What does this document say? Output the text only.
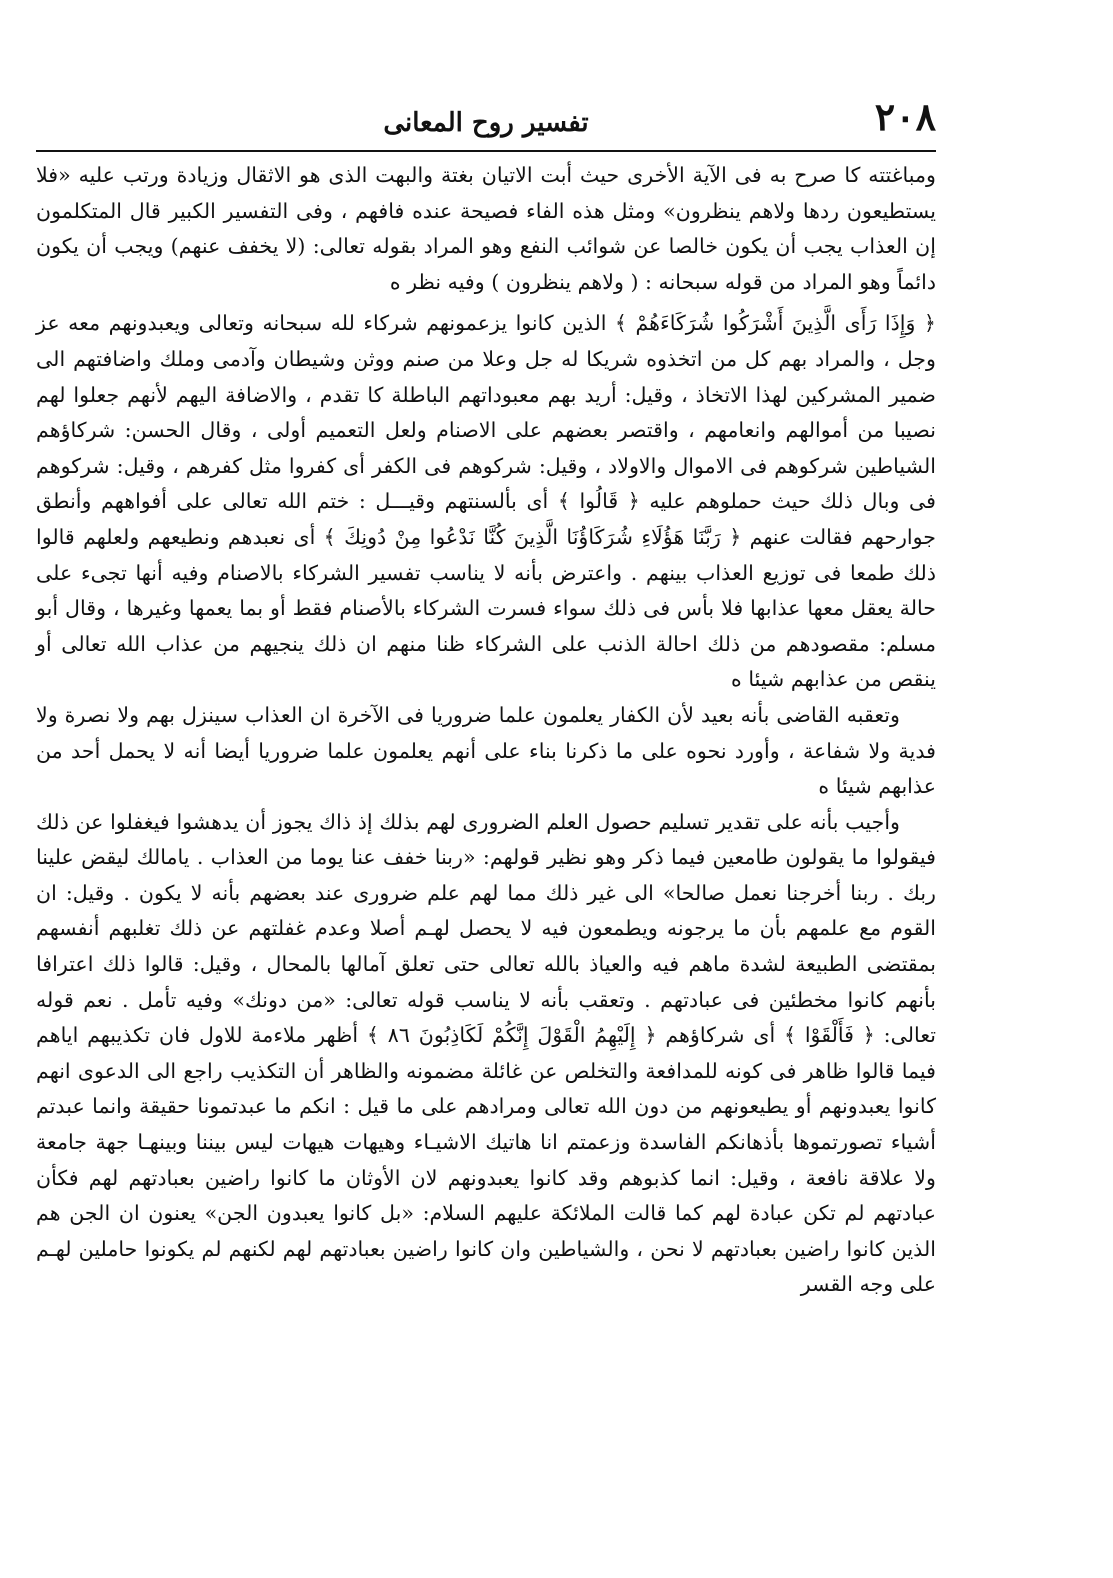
٢٠٨
تفسير روح المعانى

ومباغتته كا صرح به فى الآية الأخرى حيث أبت الاتيان بغتة والبهت الذى هو الاثقال وزيادة ورتب عليه «فلا يستطيعون ردها ولاهم ينظرون» ومثل هذه الفاء فصيحة عنده فافهم ، وفى التفسير الكبير قال المتكلمون إن العذاب يجب أن يكون خالصا عن شوائب النفع وهو المراد بقوله تعالى: (لا يخفف عنهم) ويجب أن يكون دائماً وهو المراد من قوله سبحانه : ( ولاهم ينظرون ) وفيه نظر ه

﴿ وَإِذَا رَأَى الَّذِينَ أَشْرَكُوا شُرَكَاءَهُمْ ﴾ الذين كانوا يزعمونهم شركاء لله سبحانه وتعالى ويعبدونهم معه عز وجل ، والمراد بهم كل من اتخذوه شريكا له جل وعلا من صنم ووثن وشيطان وآدمى وملك واضافتهم الى ضمير المشركين لهذا الاتخاذ ، وقيل: أريد بهم معبوداتهم الباطلة كا تقدم ، والاضافة اليهم لأنهم جعلوا لهم نصيبا من أموالهم وانعامهم ، واقتصر بعضهم على الاصنام ولعل التعميم أولى ، وقال الحسن: شركاؤهم الشياطين شركوهم فى الاموال والاولاد ، وقيل: شركوهم فى الكفر أى كفروا مثل كفرهم ، وقيل: شركوهم فى وبال ذلك حيث حملوهم عليه ﴿ قَالُوا ﴾ أى بألسنتهم وقيـــل : ختم الله تعالى على أفواههم وأنطق جوارحهم فقالت عنهم ﴿ رَبَّنَا هَؤُلَاءِ شُرَكَاؤُنَا الَّذِينَ كُنَّا نَدْعُوا مِنْ دُونِكَ ﴾ أى نعبدهم ونطيعهم ولعلهم قالوا ذلك طمعا فى توزيع العذاب بينهم . واعترض بأنه لا يناسب تفسير الشركاء بالاصنام وفيه أنها تجىء على حالة يعقل معها عذابها فلا بأس فى ذلك سواء فسرت الشركاء بالأصنام فقط أو بما يعمها وغيرها ، وقال أبو مسلم: مقصودهم من ذلك احالة الذنب على الشركاء ظنا منهم ان ذلك ينجيهم من عذاب الله تعالى أو ينقص من عذابهم شيئا ه

وتعقبه القاضى بأنه بعيد لأن الكفار يعلمون علما ضروريا فى الآخرة ان العذاب سينزل بهم ولا نصرة ولا فدية ولا شفاعة ، وأورد نحوه على ما ذكرنا بناء على أنهم يعلمون علما ضروريا أيضا أنه لا يحمل أحد من عذابهم شيئا ه

وأجيب بأنه على تقدير تسليم حصول العلم الضرورى لهم بذلك إذ ذاك يجوز أن يدهشوا فيغفلوا عن ذلك فيقولوا ما يقولون طامعين فيما ذكر وهو نظير قولهم: «ربنا خفف عنا يوما من العذاب . يامالك ليقض علينا ربك . ربنا أخرجنا نعمل صالحا» الى غير ذلك مما لهم علم ضرورى عند بعضهم بأنه لا يكون . وقيل: ان القوم مع علمهم بأن ما يرجونه ويطمعون فيه لا يحصل لهـم أصلا وعدم غفلتهم عن ذلك تغلبهم أنفسهم بمقتضى الطبيعة لشدة ماهم فيه والعياذ بالله تعالى حتى تعلق آمالها بالمحال ، وقيل: قالوا ذلك اعترافا بأنهم كانوا مخطئين فى عبادتهم . وتعقب بأنه لا يناسب قوله تعالى: «من دونك» وفيه تأمل . نعم قوله تعالى: ﴿ فَأَلْقَوْا ﴾ أى شركاؤهم ﴿ إِلَيْهِمُ الْقَوْلَ إِنَّكُمْ لَكَاذِبُونَ ٨٦ ﴾ أظهر ملاءمة للاول فان تكذيبهم اياهم فيما قالوا ظاهر فى كونه للمدافعة والتخلص عن غائلة مضمونه والظاهر أن التكذيب راجع الى الدعوى انهم كانوا يعبدونهم أو يطيعونهم من دون الله تعالى ومرادهم على ما قيل : انكم ما عبدتمونا حقيقة وانما عبدتم أشياء تصورتموها بأذهانكم الفاسدة وزعمتم انا هاتيك الاشيـاء وهيهات هيهات ليس بيننا وبينهـا جهة جامعة ولا علاقة نافعة ، وقيل: انما كذبوهم وقد كانوا يعبدونهم لان الأوثان ما كانوا راضين بعبادتهم لهم فكأن عبادتهم لم تكن عبادة لهم كما قالت الملائكة عليهم السلام: «بل كانوا يعبدون الجن» يعنون ان الجن هم الذين كانوا راضين بعبادتهم لا نحن ، والشياطين وان كانوا راضين بعبادتهم لهم لكنهم لم يكونوا حاملين لهـم على وجه القسر
